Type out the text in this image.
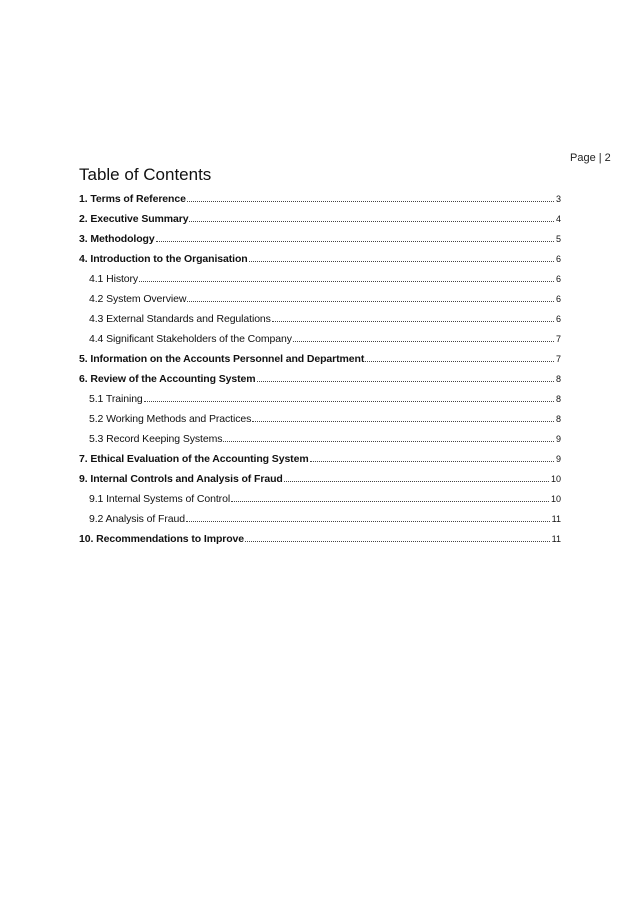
Page | 2
Table of Contents
1. Terms of Reference	3
2. Executive Summary	4
3. Methodology	5
4. Introduction to the Organisation	6
4.1 History	6
4.2 System Overview	6
4.3 External Standards and Regulations	6
4.4 Significant Stakeholders of the Company	7
5. Information on the Accounts Personnel and Department	7
6. Review of the Accounting System	8
5.1 Training	8
5.2 Working Methods and Practices	8
5.3 Record Keeping Systems	9
7. Ethical Evaluation of the Accounting System	9
9. Internal Controls and Analysis of Fraud	10
9.1 Internal Systems of Control	10
9.2 Analysis of Fraud	11
10. Recommendations to Improve	11
